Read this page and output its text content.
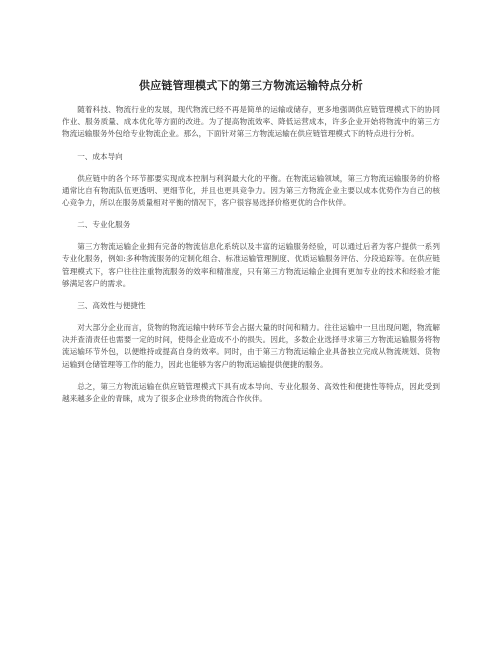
供应链管理模式下的第三方物流运输特点分析

随着科技、物流行业的发展，现代物流已经不再是简单的运输或储存，更多地强调供应链管理模式下的协同作业、服务质量、成本优化等方面的改进。为了提高物流效率、降低运营成本，许多企业开始将物流中的第三方物流运输服务外包给专业物流企业。那么，下面针对第三方物流运输在供应链管理模式下的特点进行分析。

一、成本导向

供应链中的各个环节都要实现成本控制与利润最大化的平衡。在物流运输领域，第三方物流运输服务的价格通常比自有物流队伍更透明、更细节化，并且也更具竞争力。因为第三方物流企业主要以成本优势作为自己的核心竞争力，所以在服务质量相对平衡的情况下，客户很容易选择价格更优的合作伙伴。

二、专业化服务

第三方物流运输企业拥有完备的物流信息化系统以及丰富的运输服务经验，可以通过后者为客户提供一系列专业化服务，例如:多种物流服务的定制化组合、标准运输管理制度、优质运输服务评估、分段追踪等。在供应链管理模式下，客户往往注重物流服务的效率和精准度，只有第三方物流运输企业拥有更加专业的技术和经验才能够满足客户的需求。

三、高效性与便捷性

对大部分企业而言，货物的物流运输中转环节会占据大量的时间和精力。往往运输中一旦出现问题，物流解决并查清责任也需要一定的时间，使得企业造成不小的损失。因此，多数企业选择寻求第三方物流运输服务将物流运输环节外包，以便维持或提高自身的效率。同时，由于第三方物流运输企业具备独立完成从物流规划、货物运输到仓储管理等工作的能力，因此也能够为客户的物流运输提供便捷的服务。

总之，第三方物流运输在供应链管理模式下具有成本导向、专业化服务、高效性和便捷性等特点，因此受到越来越多企业的青睐，成为了很多企业珍贵的物流合作伙伴。
